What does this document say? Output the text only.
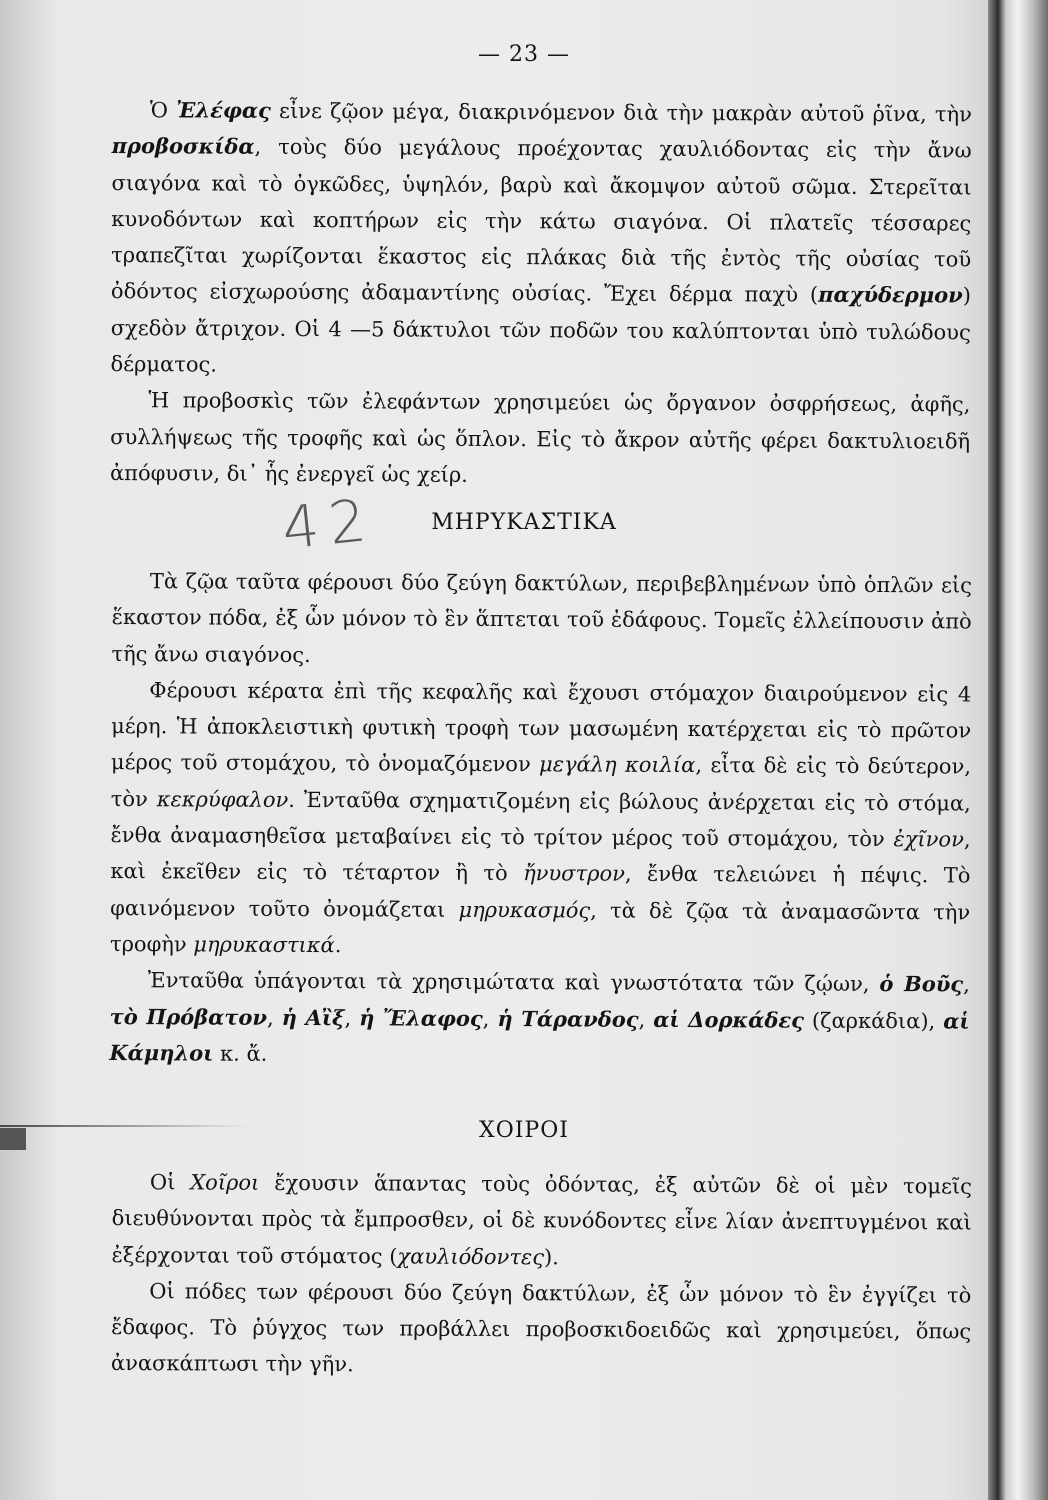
— 23 —

Ὁ Ἐλέφας εἶνε ζῷον μέγα, διακρινόμενον διὰ τὴν μακρὰν αὐτοῦ ῥῖνα, τὴν προβοσκίδα, τοὺς δύο μεγάλους προέχοντας χαυλιόδοντας εἰς τὴν ἄνω σιαγόνα καὶ τὸ ὀγκῶδες, ὑψηλόν, βαρὺ καὶ ἄκομψον αὐτοῦ σῶμα. Στερεῖται κυνοδόντων καὶ κοπτήρων εἰς τὴν κάτω σιαγόνα. Οἱ πλατεῖς τέσσαρες τραπεζῖται χωρίζονται ἕκαστος εἰς πλάκας διὰ τῆς ἐντὸς τῆς οὐσίας τοῦ ὀδόντος εἰσχωρούσης ἀδαμαντίνης οὐσίας. Ἔχει δέρμα παχὺ (παχύδερμον) σχεδὸν ἄτριχον. Οἱ 4 —5 δάκτυλοι τῶν ποδῶν του καλύπτονται ὑπὸ τυλώδους δέρματος.

Ἡ προβοσκὶς τῶν ἐλεφάντων χρησιμεύει ὡς ὄργανον ὀσφρήσεως, ἀφῆς, συλλήψεως τῆς τροφῆς καὶ ὡς ὅπλον. Εἰς τὸ ἄκρον αὐτῆς φέρει δακτυλιοειδῆ ἀπόφυσιν, δι᾿ ἧς ἐνεργεῖ ὡς χείρ.

42	ΜΗΡΥΚΑΣΤΙΚΑ

Τὰ ζῷα ταῦτα φέρουσι δύο ζεύγη δακτύλων, περιβεβλημένων ὑπὸ ὁπλῶν εἰς ἕκαστον πόδα, ἐξ ὧν μόνον τὸ ἓν ἅπτεται τοῦ ἐδάφους. Τομεῖς ἐλλείπουσιν ἀπὸ τῆς ἄνω σιαγόνος.

Φέρουσι κέρατα ἐπὶ τῆς κεφαλῆς καὶ ἔχουσι στόμαχον διαιρούμενον εἰς 4 μέρη. Ἡ ἀποκλειστικὴ φυτικὴ τροφὴ των μασωμένη κατέρχεται εἰς τὸ πρῶτον μέρος τοῦ στομάχου, τὸ ὀνομαζόμενον μεγάλη κοιλία, εἶτα δὲ εἰς τὸ δεύτερον, τὸν κεκρύφαλον. Ἐνταῦθα σχηματιζομένη εἰς βώλους ἀνέρχεται εἰς τὸ στόμα, ἔνθα ἀναμασηθεῖσα μεταβαίνει εἰς τὸ τρίτον μέρος τοῦ στομάχου, τὸν ἐχῖνον, καὶ ἐκεῖθεν εἰς τὸ τέταρτον ἢ τὸ ἤνυστρον, ἔνθα τελειώνει ἡ πέψις. Τὸ φαινόμενον τοῦτο ὀνομάζεται μηρυκασμός, τὰ δὲ ζῷα τὰ ἀναμασῶντα τὴν τροφὴν μηρυκαστικά.

Ἐνταῦθα ὑπάγονται τὰ χρησιμώτατα καὶ γνωστότατα τῶν ζῴων, ὁ Βοῦς, τὸ Πρόβατον, ἡ Αἲξ, ἡ Ἔλαφος, ἡ Τάρανδος, αἱ Δορκάδες (ζαρκάδια), αἱ Κάμηλοι κ. ἄ.

ΧΟΙΡΟΙ

Οἱ Χοῖροι ἔχουσιν ἅπαντας τοὺς ὀδόντας, ἐξ αὐτῶν δὲ οἱ μὲν τομεῖς διευθύνονται πρὸς τὰ ἔμπροσθεν, οἱ δὲ κυνόδοντες εἶνε λίαν ἀνεπτυγμένοι καὶ ἐξέρχονται τοῦ στόματος (χαυλιόδοντες).

Οἱ πόδες των φέρουσι δύο ζεύγη δακτύλων, ἐξ ὧν μόνον τὸ ἓν ἐγγίζει τὸ ἔδαφος. Τὸ ῥύγχος των προβάλλει προβοσκιδοειδῶς καὶ χρησιμεύει, ὅπως ἀνασκάπτωσι τὴν γῆν.
